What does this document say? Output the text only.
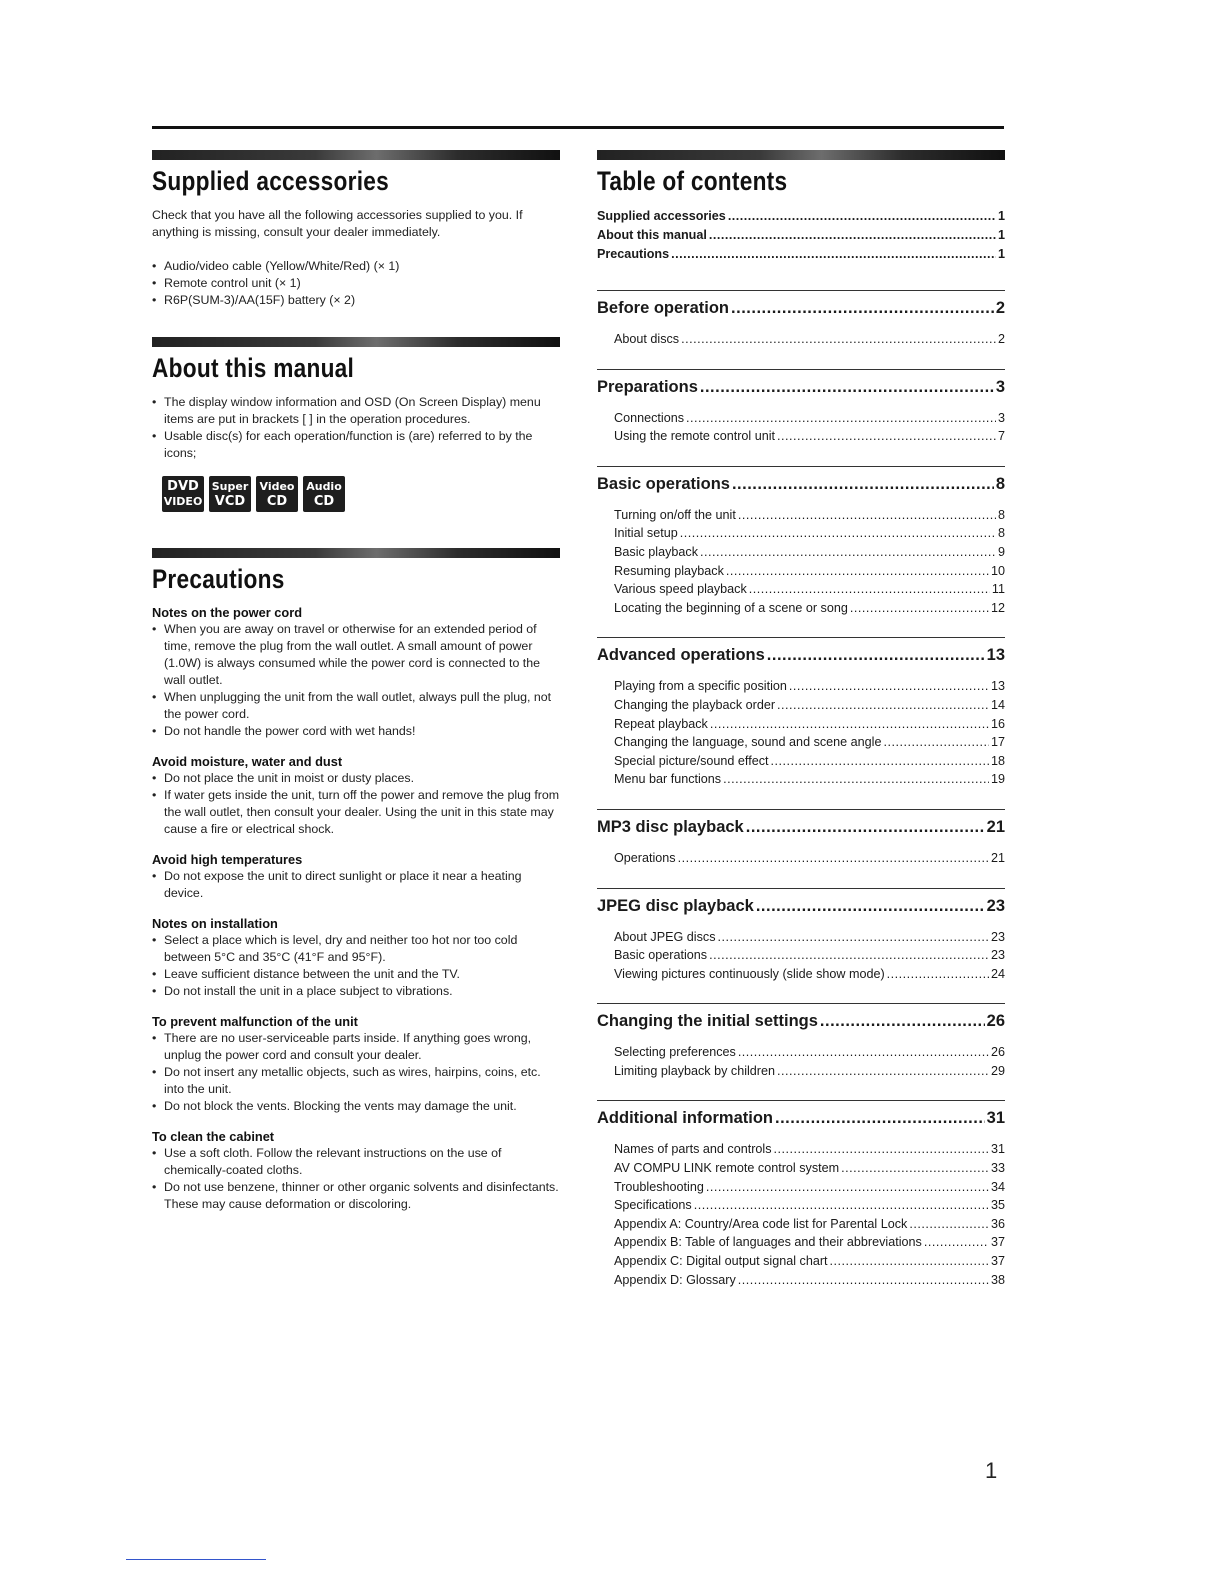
Supplied accessories
Check that you have all the following accessories supplied to you. If anything is missing, consult your dealer immediately.
• Audio/video cable (Yellow/White/Red) (× 1)
• Remote control unit (× 1)
• R6P(SUM-3)/AA(15F) battery (× 2)
About this manual
• The display window information and OSD (On Screen Display) menu items are put in brackets [ ] in the operation procedures.
• Usable disc(s) for each operation/function is (are) referred to by the icons;
DVD
VIDEO
Super
VCD
Video
CD
Audio
CD
Precautions
Notes on the power cord
• When you are away on travel or otherwise for an extended period of time, remove the plug from the wall outlet. A small amount of power (1.0W) is always consumed while the power cord is connected to the wall outlet.
• When unplugging the unit from the wall outlet, always pull the plug, not the power cord.
• Do not handle the power cord with wet hands!
Avoid moisture, water and dust
• Do not place the unit in moist or dusty places.
• If water gets inside the unit, turn off the power and remove the plug from the wall outlet, then consult your dealer. Using the unit in this state may cause a fire or electrical shock.
Avoid high temperatures
• Do not expose the unit to direct sunlight or place it near a heating device.
Notes on installation
• Select a place which is level, dry and neither too hot nor too cold between 5°C and 35°C (41°F and 95°F).
• Leave sufficient distance between the unit and the TV.
• Do not install the unit in a place subject to vibrations.
To prevent malfunction of the unit
• There are no user-serviceable parts inside. If anything goes wrong, unplug the power cord and consult your dealer.
• Do not insert any metallic objects, such as wires, hairpins, coins, etc. into the unit.
• Do not block the vents. Blocking the vents may damage the unit.
To clean the cabinet
• Use a soft cloth. Follow the relevant instructions on the use of chemically-coated cloths.
• Do not use benzene, thinner or other organic solvents and disinfectants. These may cause deformation or discoloring.
Table of contents
Supplied accessories .....	1
About this manual .....	1
Precautions .....	1
Before operation .....	2
About discs .....	2
Preparations .....	3
Connections .....	3
Using the remote control unit .....	7
Basic operations .....	8
Turning on/off the unit .....	8
Initial setup .....	8
Basic playback .....	9
Resuming playback .....	10
Various speed playback .....	11
Locating the beginning of a scene or song .....	12
Advanced operations .....	13
Playing from a specific position .....	13
Changing the playback order .....	14
Repeat playback .....	16
Changing the language, sound and scene angle .....	17
Special picture/sound effect .....	18
Menu bar functions .....	19
MP3 disc playback .....	21
Operations .....	21
JPEG disc playback .....	23
About JPEG discs .....	23
Basic operations .....	23
Viewing pictures continuously (slide show mode) .....	24
Changing the initial settings .....	26
Selecting preferences .....	26
Limiting playback by children .....	29
Additional information .....	31
Names of parts and controls .....	31
AV COMPU LINK remote control system .....	33
Troubleshooting .....	34
Specifications .....	35
Appendix A: Country/Area code list for Parental Lock .....	36
Appendix B: Table of languages and their abbreviations .....	37
Appendix C: Digital output signal chart .....	37
Appendix D: Glossary .....	38
1
